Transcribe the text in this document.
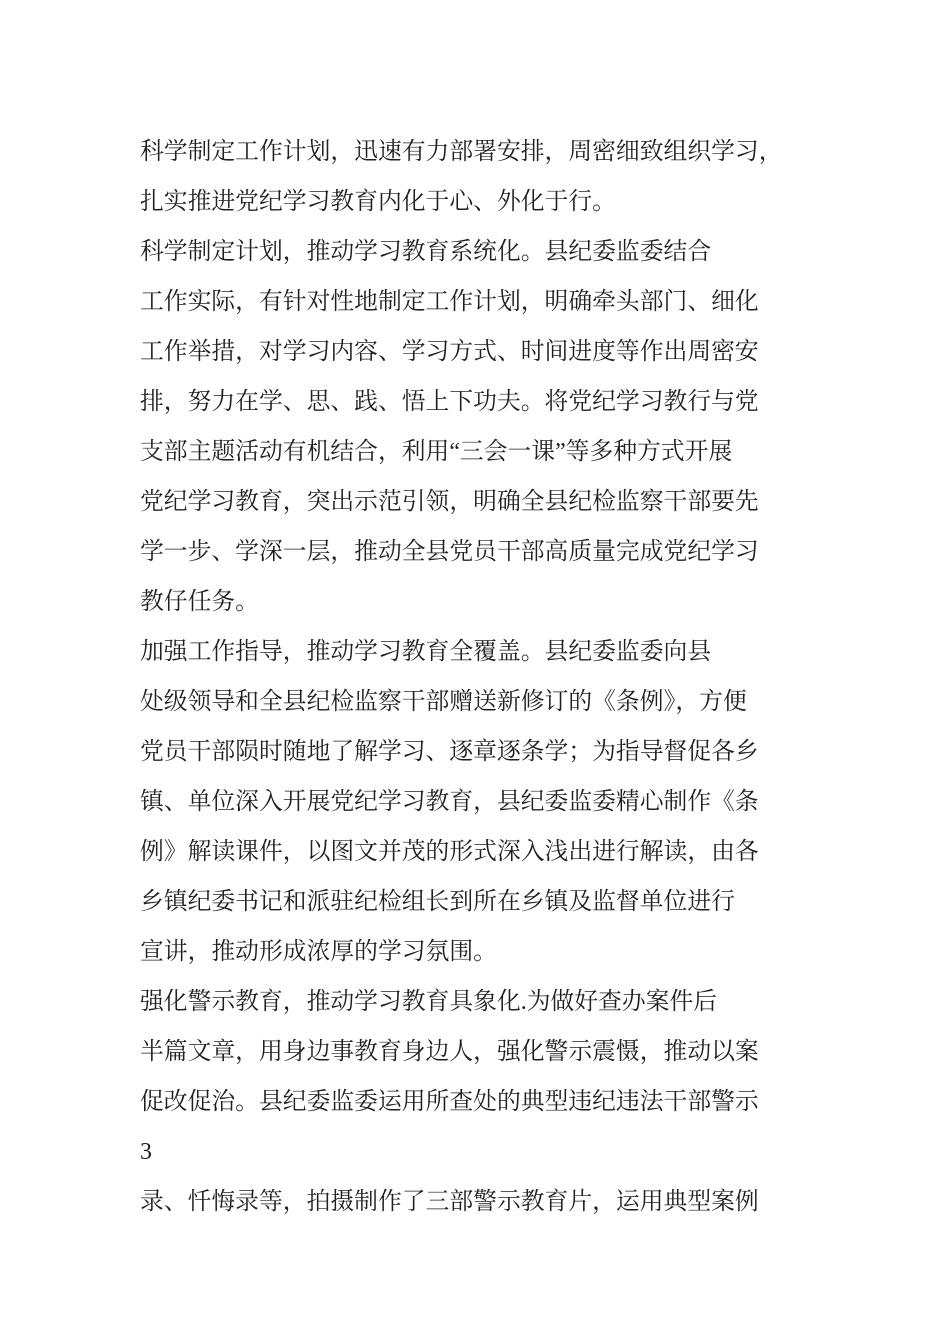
科学制定工作计划，迅速有力部署安排，周密细致组织学习，
扎实推进党纪学习教育内化于心、外化于行。
科学制定计划，推动学习教育系统化。县纪委监委结合
工作实际，有针对性地制定工作计划，明确牵头部门、细化
工作举措，对学习内容、学习方式、时间进度等作出周密安
排，努力在学、思、践、悟上下功夫。将党纪学习教行与党
支部主题活动有机结合，利用“三会一课”等多种方式开展
党纪学习教育，突出示范引领，明确全县纪检监察干部要先
学一步、学深一层，推动全县党员干部高质量完成党纪学习
教仔任务。
加强工作指导，推动学习教育全覆盖。县纪委监委向县
处级领导和全县纪检监察干部赠送新修订的《条例》，方便
党员干部陨时随地了解学习、逐章逐条学；为指导督促各乡
镇、单位深入开展党纪学习教育，县纪委监委精心制作《条
例》解读课件，以图文并茂的形式深入浅出进行解读，由各
乡镇纪委书记和派驻纪检组长到所在乡镇及监督单位进行
宣讲，推动形成浓厚的学习氛围。
强化警示教育，推动学习教育具象化.为做好查办案件后
半篇文章，用身边事教育身边人，强化警示震慑，推动以案
促改促治。县纪委监委运用所查处的典型违纪违法干部警示
3
录、忏悔录等，拍摄制作了三部警示教育片，运用典型案例
